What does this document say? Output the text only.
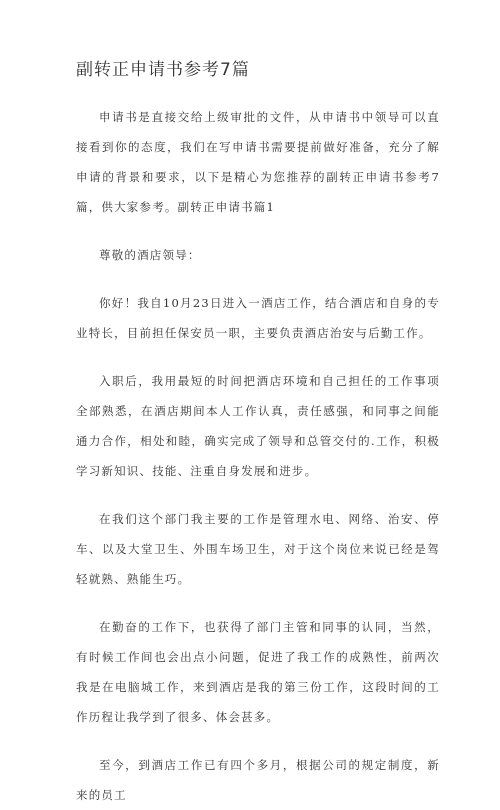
副转正申请书参考7篇

申请书是直接交给上级审批的文件，从申请书中领导可以直接看到你的态度，我们在写申请书需要提前做好准备，充分了解申请的背景和要求，以下是精心为您推荐的副转正申请书参考7篇，供大家参考。副转正申请书篇1

尊敬的酒店领导：

你好！我自10月23日进入一酒店工作，结合酒店和自身的专业特长，目前担任保安员一职，主要负责酒店治安与后勤工作。

入职后，我用最短的时间把酒店环境和自己担任的工作事项全部熟悉，在酒店期间本人工作认真，责任感强，和同事之间能通力合作，相处和睦，确实完成了领导和总管交付的.工作，积极学习新知识、技能、注重自身发展和进步。

在我们这个部门我主要的工作是管理水电、网络、治安、停车、以及大堂卫生、外围车场卫生，对于这个岗位来说已经是驾轻就熟、熟能生巧。

在勤奋的工作下，也获得了部门主管和同事的认同，当然，有时候工作间也会出点小问题，促进了我工作的成熟性，前两次我是在电脑城工作，来到酒店是我的第三份工作，这段时间的工作历程让我学到了很多、体会甚多。

至今，到酒店工作已有四个多月，根据公司的规定制度，新来的员工
